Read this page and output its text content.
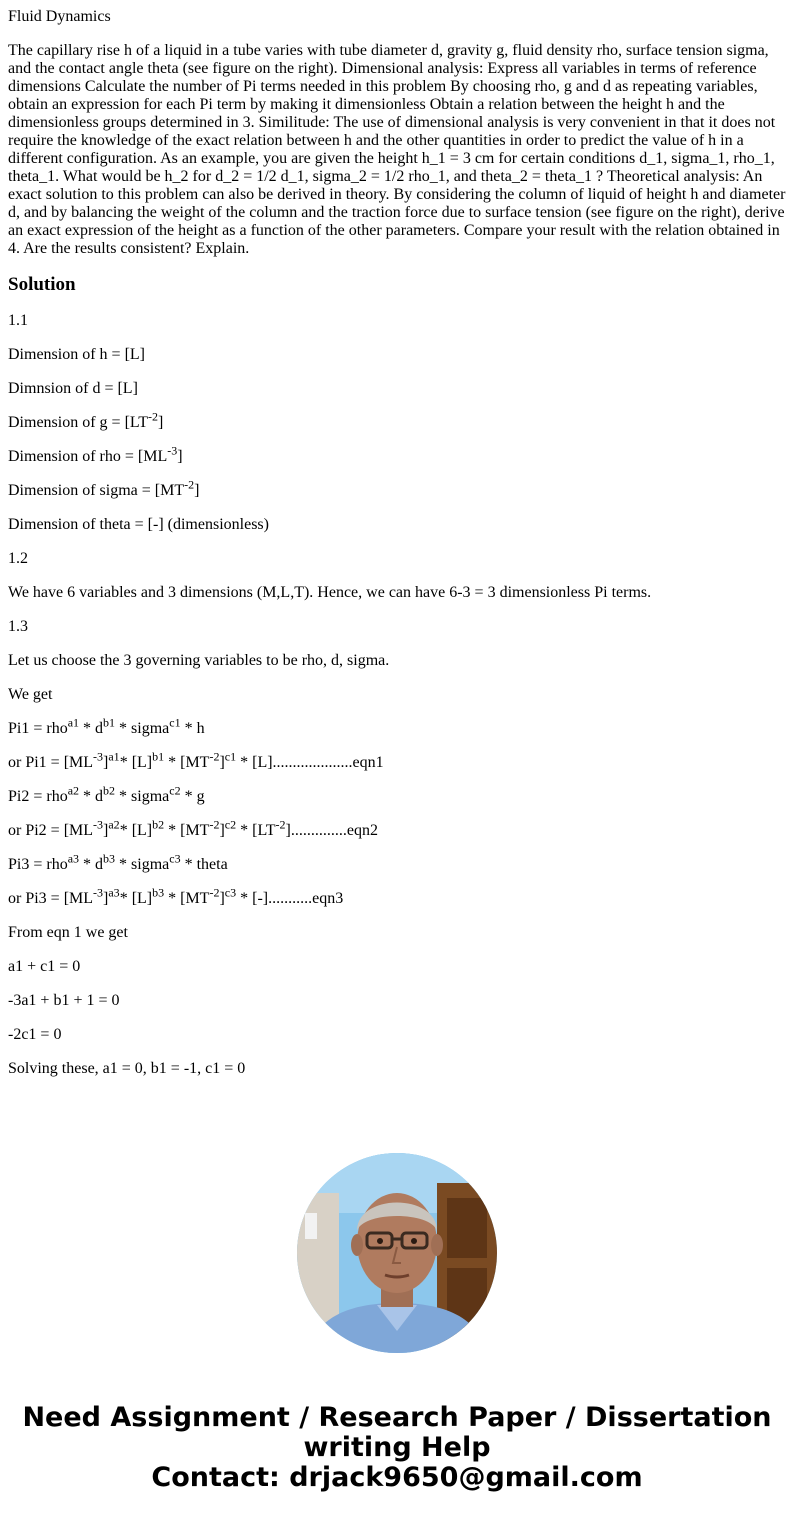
Fluid Dynamics

The capillary rise h of a liquid in a tube varies with tube diameter d, gravity g, fluid density rho, surface tension sigma, and the contact angle theta (see figure on the right). Dimensional analysis: Express all variables in terms of reference dimensions Calculate the number of Pi terms needed in this problem By choosing rho, g and d as repeating variables, obtain an expression for each Pi term by making it dimensionless Obtain a relation between the height h and the dimensionless groups determined in 3. Similitude: The use of dimensional analysis is very convenient in that it does not require the knowledge of the exact relation between h and the other quantities in order to predict the value of h in a different configuration. As an example, you are given the height h_1 = 3 cm for certain conditions d_1, sigma_1, rho_1, theta_1. What would be h_2 for d_2 = 1/2 d_1, sigma_2 = 1/2 rho_1, and theta_2 = theta_1 ? Theoretical analysis: An exact solution to this problem can also be derived in theory. By considering the column of liquid of height h and diameter d, and by balancing the weight of the column and the traction force due to surface tension (see figure on the right), derive an exact expression of the height as a function of the other parameters. Compare your result with the relation obtained in 4. Are the results consistent? Explain.

Solution

1.1

Dimension of h = [L]

Dimnsion of d = [L]

Dimension of $g = [LT^{-2}]$

Dimension of rho = $[ML^{-3}]$

Dimension of sigma = $[MT^{-2}]$

Dimension of theta = [-] (dimensionless)

1.2

We have 6 variables and 3 dimensions (M,L,T). Hence, we can have 6-3 = 3 dimensionless Pi terms.

1.3

Let us choose the 3 governing variables to be rho, d, sigma.

We get

$Pi1 = rho^{a1} * d^{b1}$ * sigma$^{c1}$ * h

or $Pi1 = [ML^{-3}]^{a1}*$ $[L]^{b1} * [MT^{-2}]^{c1} * [L]....................eqn1$

$Pi2 = rho^{a2} * d^{b2}$ * sigma$^{c2}$ * g

or $Pi2 = [ML^{-3}]^{a2}*$ $[L]^{b2} * [MT^{-2}]^{c2} * [LT^{-2}]..............eqn2$

$Pi3 = rho^{a3} * d^{b3}$ * sigma$^{c3}$ * theta

or $Pi3 = [ML^{-3}]^{a3}*$ $[L]^{b3} * [MT^{-2}]^{c3} * [-]...........eqn3$

From eqn 1 we get

a1 + c1 = 0

-3a1 + b1 + 1 = 0

-2c1 = 0

Solving these, a1 = 0, b1 = -1, c1 = 0

Need Assignment / Research Paper / Dissertation
writing Help
Contact: drjack9650@gmail.com
